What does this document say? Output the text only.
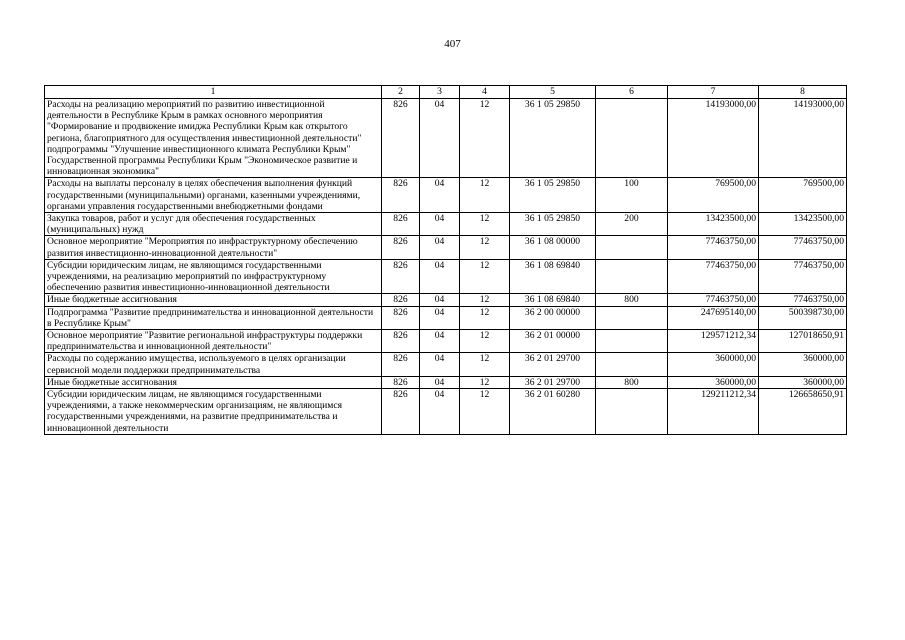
407
1	2	3	4	5	6	7	8
Расходы на реализацию мероприятий по развитию инвестиционной деятельности в Республике Крым в рамках основного мероприятия "Формирование и продвижение имиджа Республики Крым как открытого региона, благоприятного для осуществления инвестиционной деятельности" подпрограммы "Улучшение инвестиционного климата Республики Крым" Государственной программы Республики Крым "Экономическое развитие и инновационная экономика"	826	04	12	36 1 05 29850		14193000,00	14193000,00
Расходы на выплаты персоналу в целях обеспечения выполнения функций государственными (муниципальными) органами, казенными учреждениями, органами управления государственными внебюджетными фондами	826	04	12	36 1 05 29850	100	769500,00	769500,00
Закупка товаров, работ и услуг для обеспечения государственных (муниципальных) нужд	826	04	12	36 1 05 29850	200	13423500,00	13423500,00
Основное мероприятие "Мероприятия по инфраструктурному обеспечению развития инвестиционно-инновационной деятельности"	826	04	12	36 1 08 00000		77463750,00	77463750,00
Субсидии юридическим лицам, не являющимся государственными учреждениями, на реализацию мероприятий по инфраструктурному обеспечению развития инвестиционно-инновационной деятельности	826	04	12	36 1 08 69840		77463750,00	77463750,00
Иные бюджетные ассигнования	826	04	12	36 1 08 69840	800	77463750,00	77463750,00
Подпрограмма "Развитие предпринимательства и инновационной деятельности в Республике Крым"	826	04	12	36 2 00 00000		247695140,00	500398730,00
Основное мероприятие "Развитие региональной инфраструктуры поддержки предпринимательства и инновационной деятельности"	826	04	12	36 2 01 00000		129571212,34	127018650,91
Расходы по содержанию имущества, используемого в целях организации сервисной модели поддержки предпринимательства	826	04	12	36 2 01 29700		360000,00	360000,00
Иные бюджетные ассигнования	826	04	12	36 2 01 29700	800	360000,00	360000,00
Субсидии юридическим лицам, не являющимся государственными учреждениями, а также некоммерческим организациям, не являющимся государственными учреждениями, на развитие предпринимательства и инновационной деятельности	826	04	12	36 2 01 60280		129211212,34	126658650,91
